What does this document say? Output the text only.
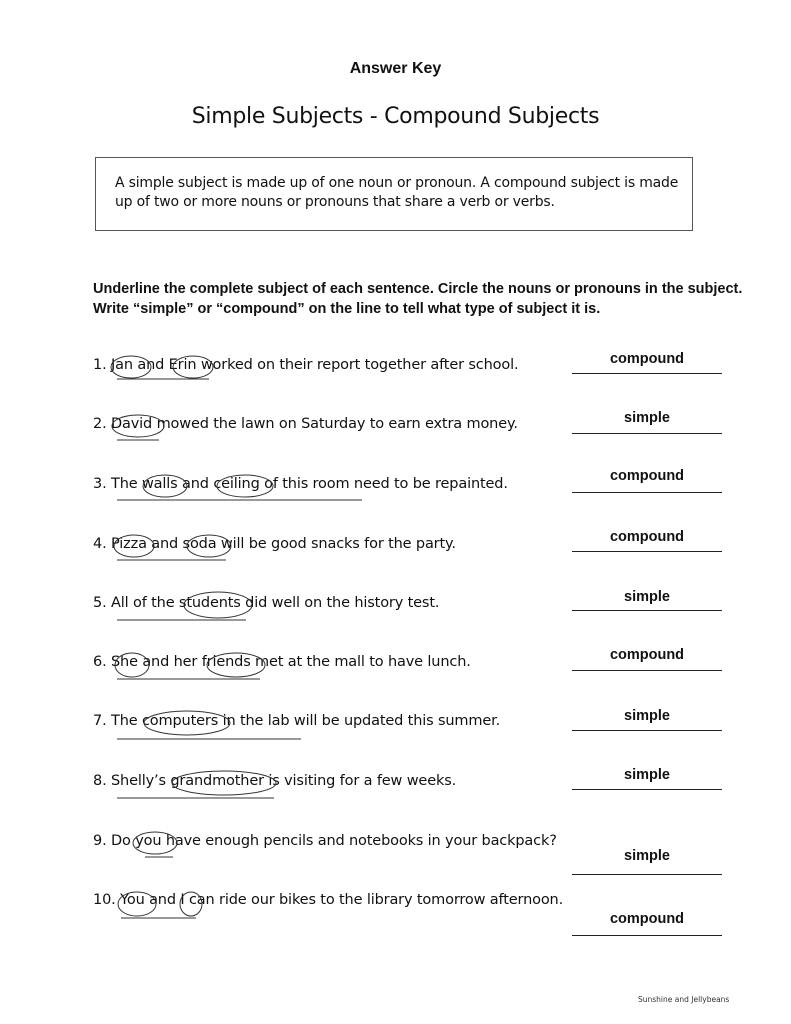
Answer Key
Simple Subjects - Compound Subjects
A simple subject is made up of one noun or pronoun. A compound subject is made up of two or more nouns or pronouns that share a verb or verbs.
Underline the complete subject of each sentence. Circle the nouns or pronouns in the subject. Write “simple” or “compound” on the line to tell what type of subject it is.
1. Jan and Erin worked on their report together after school.
2. David mowed the lawn on Saturday to earn extra money.
3. The walls and ceiling of this room need to be repainted.
4. Pizza and soda will be good snacks for the party.
5. All of the students did well on the history test.
6. She and her friends met at the mall to have lunch.
7. The computers in the lab will be updated this summer.
8. Shelly’s grandmother is visiting for a few weeks.
9. Do you have enough pencils and notebooks in your backpack?
10. You and I can ride our bikes to the library tomorrow afternoon.
compound
simple
compound
compound
simple
compound
simple
simple
simple
compound
Sunshine and Jellybeans
